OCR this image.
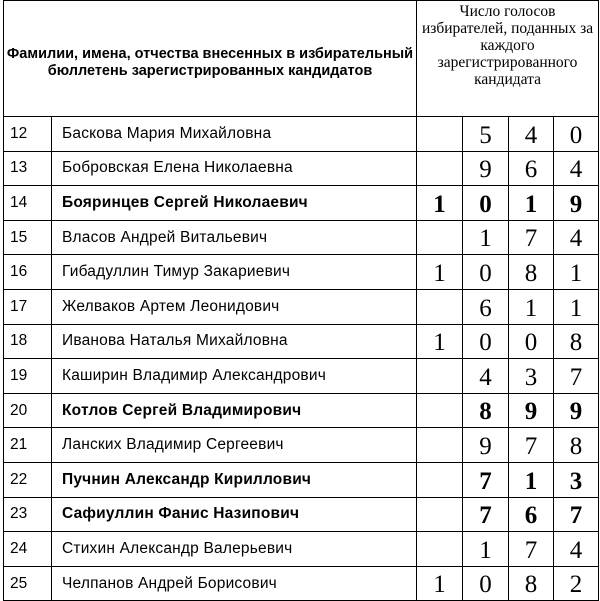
Фамилии, имена, отчества внесенных в избирательный бюллетень зарегистрированных кандидатов		Число голосов избирателей, поданных за каждого зарегистрированного кандидата			
12	Баскова Мария Михайловна		5	4	0
13	Бобровская Елена Николаевна		9	6	4
14	Бояринцев Сергей Николаевич	1	0	1	9
15	Власов Андрей Витальевич		1	7	4
16	Гибадуллин Тимур Закариевич	1	0	8	1
17	Желваков Артем Леонидович		6	1	1
18	Иванова Наталья Михайловна	1	0	0	8
19	Каширин Владимир Александрович		4	3	7
20	Котлов Сергей Владимирович		8	9	9
21	Ланских Владимир Сергеевич		9	7	8
22	Пучнин Александр Кириллович		7	1	3
23	Сафиуллин Фанис Назипович		7	6	7
24	Стихин Александр Валерьевич		1	7	4
25	Челпанов Андрей Борисович	1	0	8	2
